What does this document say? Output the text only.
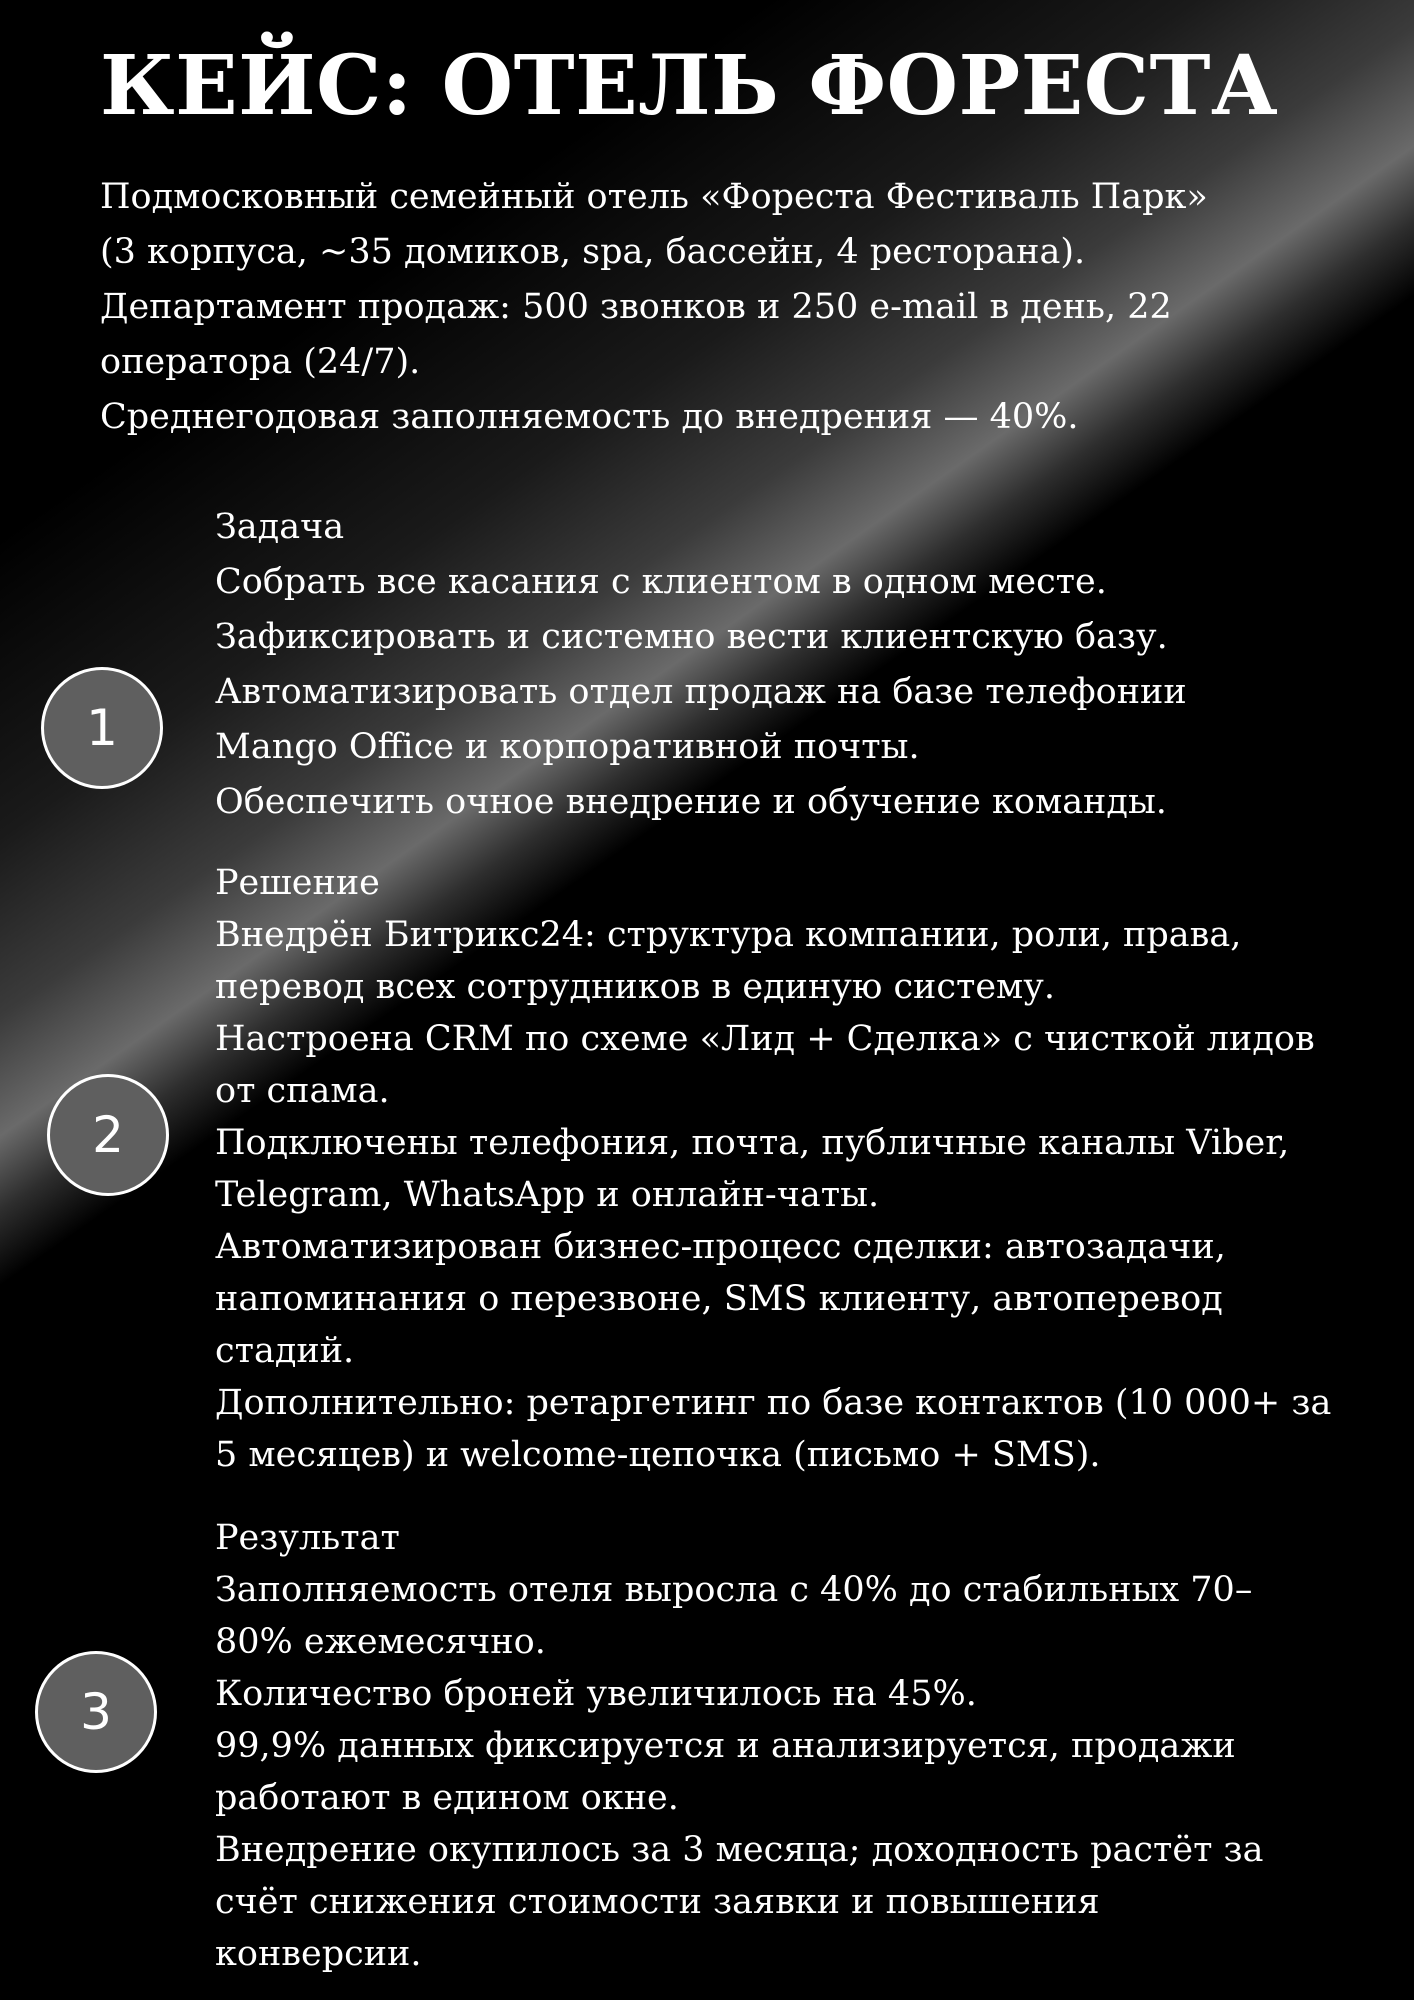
КЕЙС: ОТЕЛЬ ФОРЕСТА
Подмосковный семейный отель «Фореста Фестиваль Парк»
(3 корпуса, ~35 домиков, spa, бассейн, 4 ресторана).
Департамент продаж: 500 звонков и 250 e-mail в день, 22
оператора (24/7).
Среднегодовая заполняемость до внедрения — 40%.
1
Задача
Собрать все касания с клиентом в одном месте.
Зафиксировать и системно вести клиентскую базу.
Автоматизировать отдел продаж на базе телефонии
Mango Office и корпоративной почты.
Обеспечить очное внедрение и обучение команды.
2
Решение
Внедрён Битрикс24: структура компании, роли, права,
перевод всех сотрудников в единую систему.
Настроена CRM по схеме «Лид + Сделка» с чисткой лидов
от спама.
Подключены телефония, почта, публичные каналы Viber,
Telegram, WhatsApp и онлайн-чаты.
Автоматизирован бизнес-процесс сделки: автозадачи,
напоминания о перезвоне, SMS клиенту, автоперевод
стадий.
Дополнительно: ретаргетинг по базе контактов (10 000+ за
5 месяцев) и welcome-цепочка (письмо + SMS).
3
Результат
Заполняемость отеля выросла с 40% до стабильных 70–
80% ежемесячно.
Количество броней увеличилось на 45%.
99,9% данных фиксируется и анализируется, продажи
работают в едином окне.
Внедрение окупилось за 3 месяца; доходность растёт за
счёт снижения стоимости заявки и повышения
конверсии.
